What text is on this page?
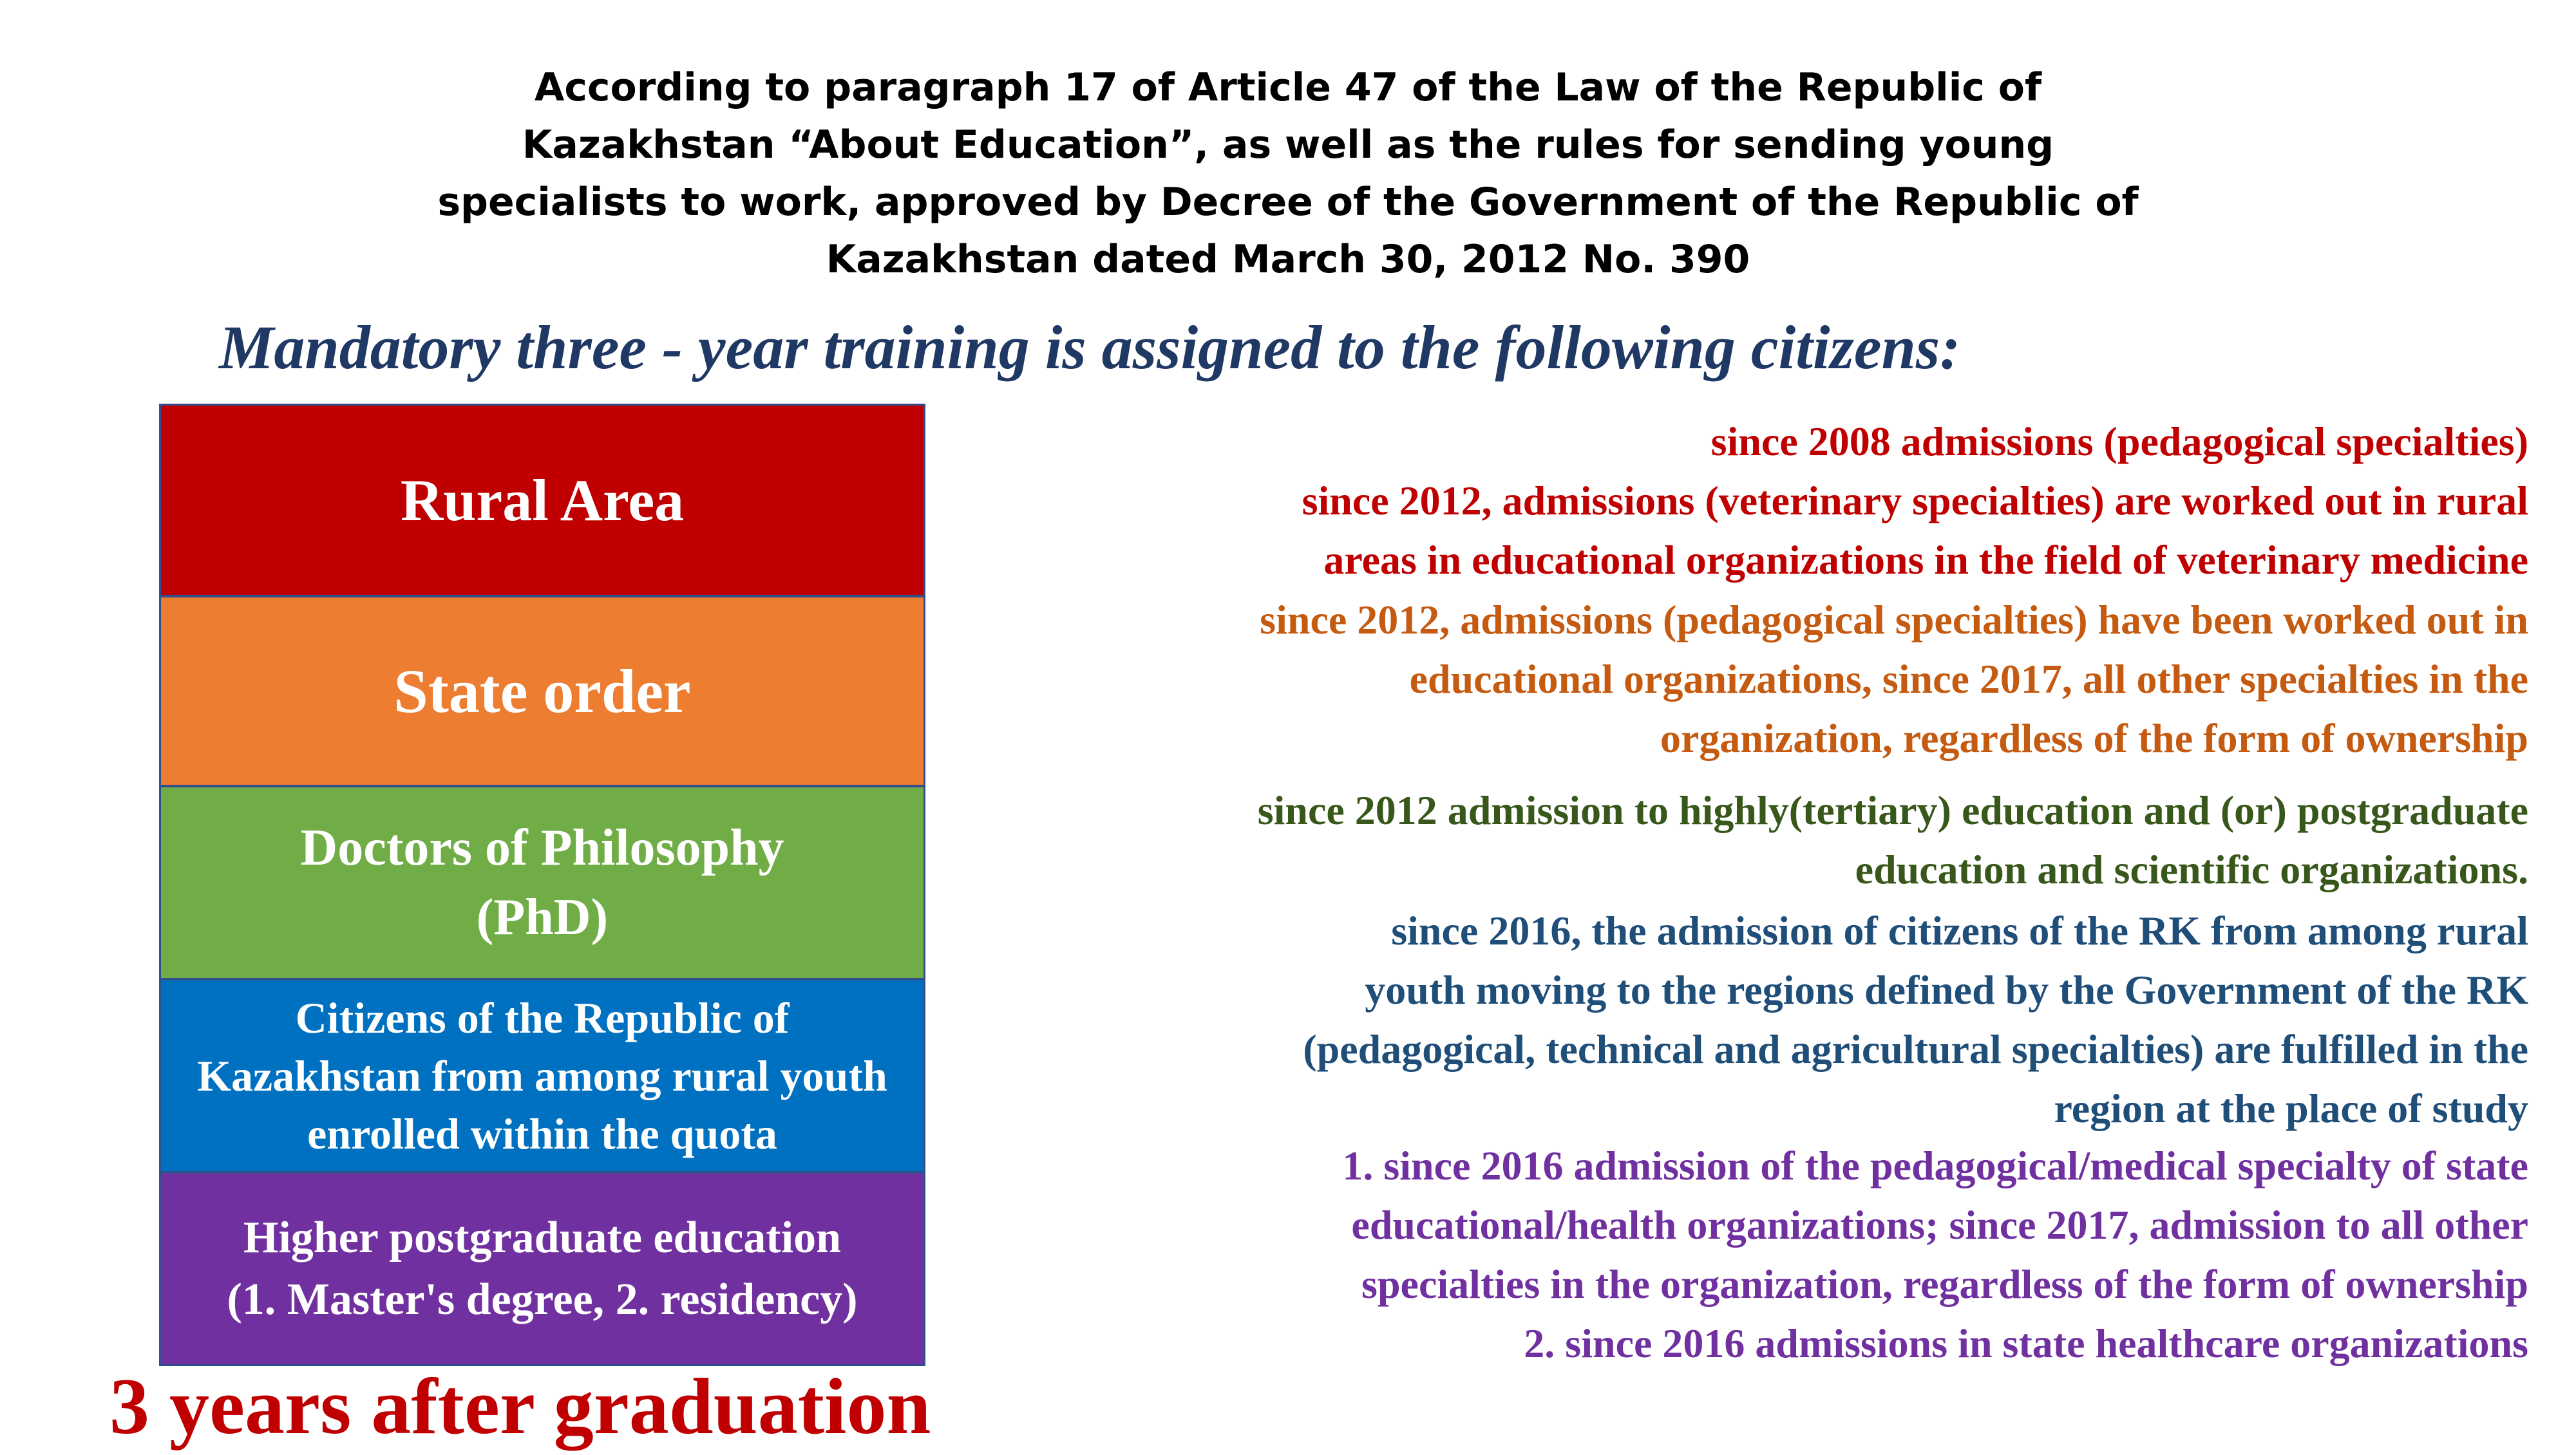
According to paragraph 17 of Article 47 of the Law of the Republic of
Kazakhstan “About Education”, as well as the rules for sending young
specialists to work, approved by Decree of the Government of the Republic of
Kazakhstan dated March 30, 2012 No. 390
Mandatory three - year training is assigned to the following citizens:
Rural Area
State order
Doctors of Philosophy
(PhD)
Citizens of the Republic of
Kazakhstan from among rural youth
enrolled within the quota
Higher postgraduate education
(1. Master's degree, 2. residency)
since 2008 admissions (pedagogical specialties)
since 2012, admissions (veterinary specialties) are worked out in rural
areas in educational organizations in the field of veterinary medicine
since 2012, admissions (pedagogical specialties) have been worked out in
educational organizations, since 2017, all other specialties in the
organization, regardless of the form of ownership
since 2012 admission to highly(tertiary) education and (or) postgraduate
education and scientific organizations.
since 2016, the admission of citizens of the RK from among rural
youth moving to the regions defined by the Government of the RK
(pedagogical, technical and agricultural specialties) are fulfilled in the
region at the place of study
1. since 2016 admission of the pedagogical/medical specialty of state
educational/health organizations; since 2017, admission to all other
specialties in the organization, regardless of the form of ownership
2. since 2016 admissions in state healthcare organizations
3 years after graduation
